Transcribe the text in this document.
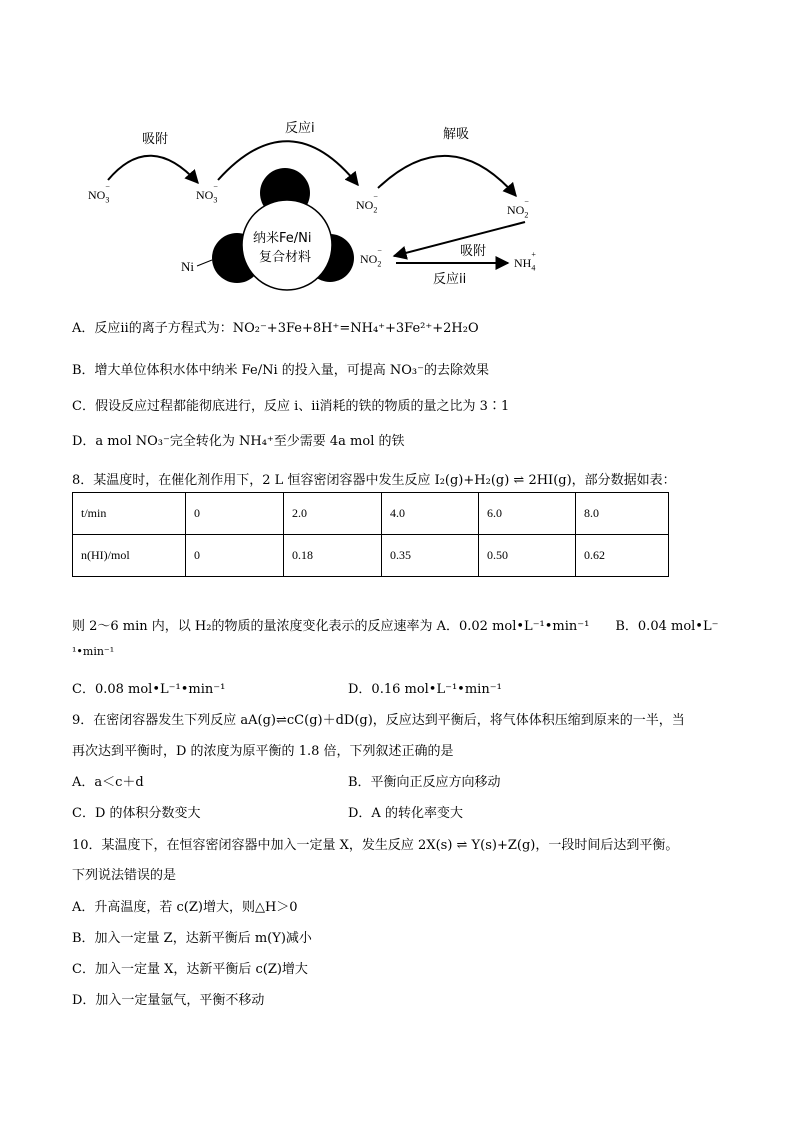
吸附
反应i	解吸
吸附
反应ii
$NO_3$
−
$NO_3$
−
$NO_2$
−
$NO_2$
−
$NO_2$
−
$NH_4$
+
Ni
纳米Fe/Ni
复合材料
A．反应ⅱ的离子方程式为：NO₂⁻+3Fe+8H⁺=NH₄⁺+3Fe²⁺+2H₂O
B．增大单位体积水体中纳米 Fe/Ni 的投入量，可提高 NO₃⁻的去除效果
C．假设反应过程都能彻底进行，反应 ⅰ、ⅱ消耗的铁的物质的量之比为 3∶1
D．a mol NO₃⁻完全转化为 NH₄⁺至少需要 4a mol 的铁
8．某温度时，在催化剂作用下，2 L 恒容密闭容器中发生反应 I₂(g)+H₂(g) ⇌ 2HI(g)，部分数据如表：
t/min	0	2.0	4.0	6.0	8.0
n(HI)/mol	0	0.18	0.35	0.50	0.62
则 2～6 min 内，以 H₂的物质的量浓度变化表示的反应速率为 A．0.02 mol•L⁻¹•min⁻¹　　B．0.04 mol•L⁻
¹•min⁻¹
C．0.08 mol•L⁻¹•min⁻¹	D．0.16 mol•L⁻¹•min⁻¹
9．在密闭容器发生下列反应 aA(g)⇌cC(g)＋dD(g)，反应达到平衡后，将气体体积压缩到原来的一半，当
再次达到平衡时，D 的浓度为原平衡的 1.8 倍，下列叙述正确的是
A．a＜c＋d	B．平衡向正反应方向移动
C．D 的体积分数变大	D．A 的转化率变大
10．某温度下，在恒容密闭容器中加入一定量 X，发生反应 2X(s) ⇌ Y(s)+Z(g)，一段时间后达到平衡。
下列说法错误的是
A．升高温度，若 c(Z)增大，则△H＞0
B．加入一定量 Z，达新平衡后 m(Y)减小
C．加入一定量 X，达新平衡后 c(Z)增大
D．加入一定量氩气，平衡不移动
